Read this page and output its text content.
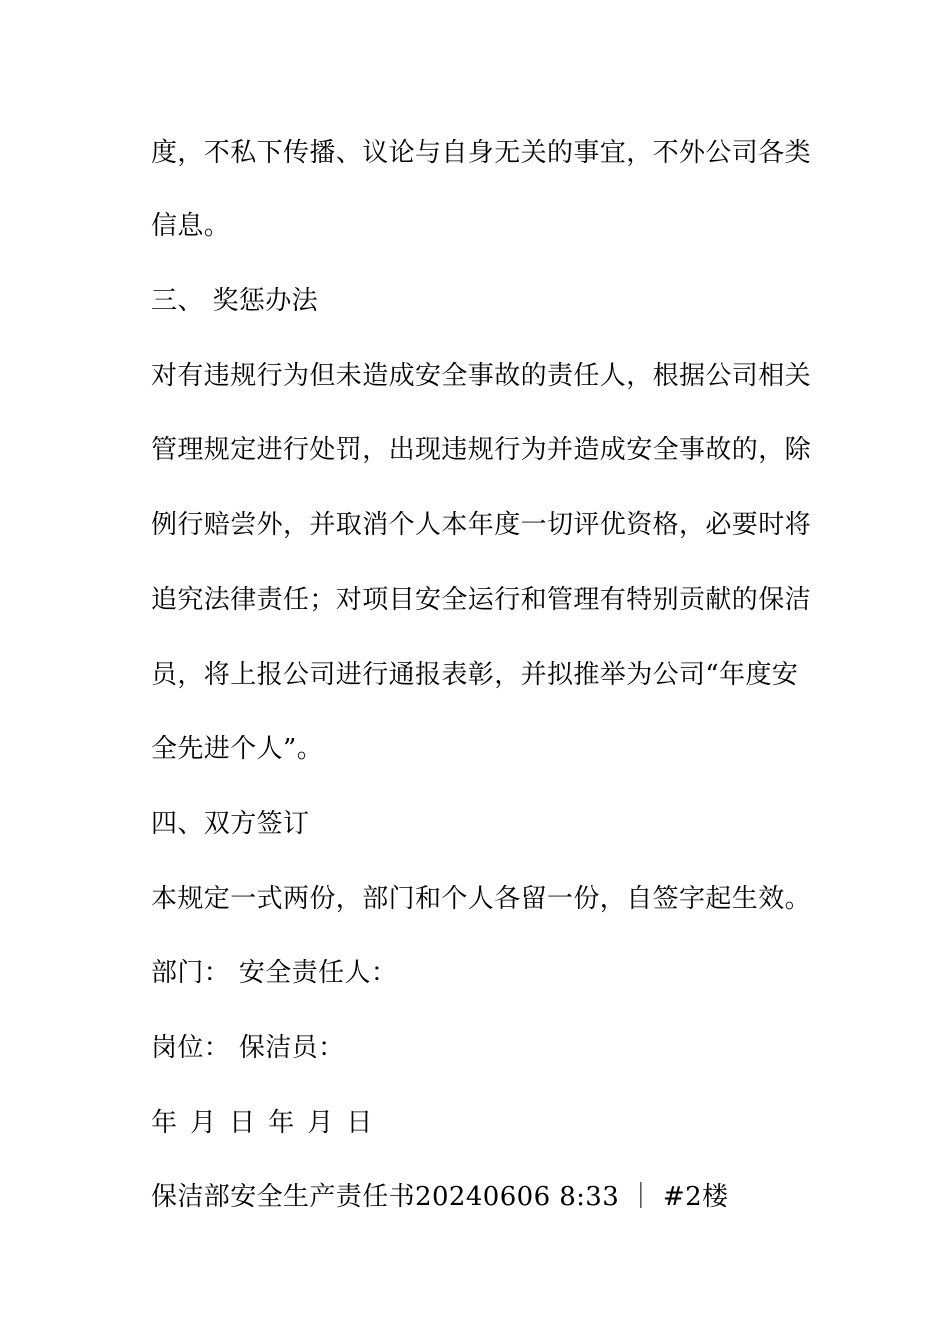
度，不私下传播、议论与自身无关的事宜，不外公司各类
信息。
三、 奖惩办法
对有违规行为但未造成安全事故的责任人，根据公司相关
管理规定进行处罚，出现违规行为并造成安全事故的，除
例行赔尝外，并取消个人本年度一切评优资格，必要时将
追究法律责任；对项目安全运行和管理有特别贡献的保洁
员，将上报公司进行通报表彰，并拟推举为公司“年度安
全先进个人”。
四、双方签订
本规定一式两份，部门和个人各留一份，自签字起生效。
部门： 安全责任人：
岗位： 保洁员：
年 月 日 年 月 日
保洁部安全生产责任书20240606 8:33 ｜ #2楼
